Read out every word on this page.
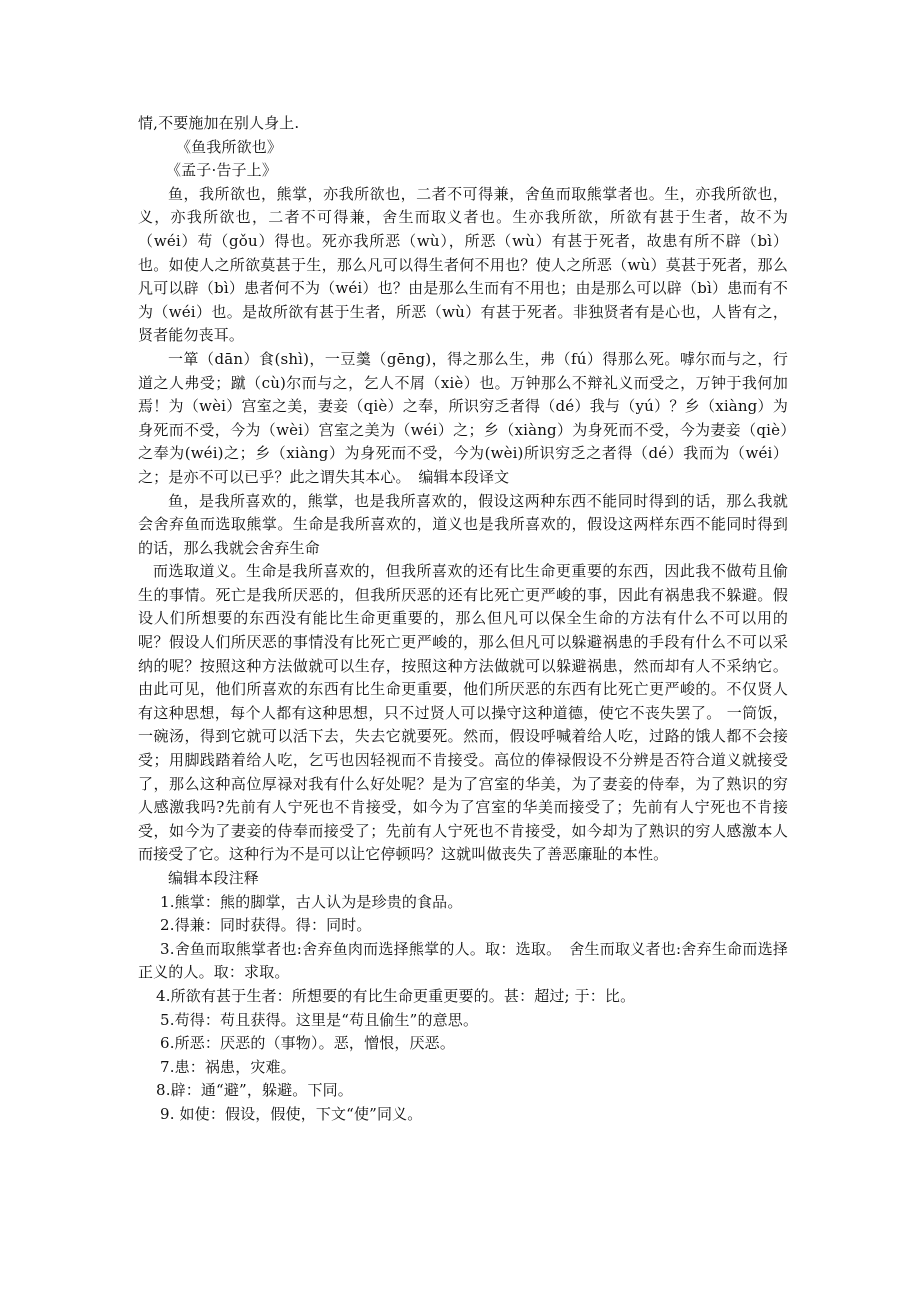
情,不要施加在别人身上.

《鱼我所欲也》

《孟子·告子上》

鱼，我所欲也，熊掌，亦我所欲也，二者不可得兼，舍鱼而取熊掌者也。生，亦我所欲也，义，亦我所欲也，二者不可得兼，舍生而取义者也。生亦我所欲，所欲有甚于生者，故不为（wéi）苟（gǒu）得也。死亦我所恶（wù），所恶（wù）有甚于死者，故患有所不辟（bì）也。如使人之所欲莫甚于生，那么凡可以得生者何不用也？使人之所恶（wù）莫甚于死者，那么凡可以辟（bì）患者何不为（wéi）也？由是那么生而有不用也；由是那么可以辟（bì）患而有不为（wéi）也。是故所欲有甚于生者，所恶（wù）有甚于死者。非独贤者有是心也，人皆有之，贤者能勿丧耳。

一箪（dān）食(shì)，一豆羹（gēng)，得之那么生，弗（fú）得那么死。嘑尔而与之，行道之人弗受；蹴（cù)尔而与之，乞人不屑（xiè）也。万钟那么不辩礼义而受之，万钟于我何加焉！为（wèi）宫室之美，妻妾（qiè）之奉，所识穷乏者得（dé）我与（yú）？乡（xiàng）为身死而不受，今为（wèi）宫室之美为（wéi）之；乡（xiàng）为身死而不受，今为妻妾（qiè）之奉为(wéi)之；乡（xiàng）为身死而不受，今为(wèi)所识穷乏之者得（dé）我而为（wéi）之；是亦不可以已乎？此之谓失其本心。　编辑本段译文

鱼，是我所喜欢的，熊掌，也是我所喜欢的，假设这两种东西不能同时得到的话，那么我就会舍弃鱼而选取熊掌。生命是我所喜欢的，道义也是我所喜欢的，假设这两样东西不能同时得到的话，那么我就会舍弃生命

而选取道义。生命是我所喜欢的，但我所喜欢的还有比生命更重要的东西，因此我不做苟且偷生的事情。死亡是我所厌恶的，但我所厌恶的还有比死亡更严峻的事，因此有祸患我不躲避。假设人们所想要的东西没有能比生命更重要的，那么但凡可以保全生命的方法有什么不可以用的呢？假设人们所厌恶的事情没有比死亡更严峻的，那么但凡可以躲避祸患的手段有什么不可以采纳的呢？按照这种方法做就可以生存，按照这种方法做就可以躲避祸患，然而却有人不采纳它。由此可见，他们所喜欢的东西有比生命更重要，他们所厌恶的东西有比死亡更严峻的。不仅贤人有这种思想，每个人都有这种思想，只不过贤人可以操守这种道德，使它不丧失罢了。 一筒饭，一碗汤，得到它就可以活下去，失去它就要死。然而，假设呼喊着给人吃，过路的饿人都不会接受；用脚践踏着给人吃，乞丐也因轻视而不肯接受。高位的俸禄假设不分辨是否符合道义就接受了，那么这种高位厚禄对我有什么好处呢？是为了宫室的华美，为了妻妾的侍奉，为了熟识的穷人感激我吗?先前有人宁死也不肯接受，如今为了宫室的华美而接受了；先前有人宁死也不肯接受，如今为了妻妾的侍奉而接受了；先前有人宁死也不肯接受，如今却为了熟识的穷人感激本人而接受了它。这种行为不是可以让它停顿吗？这就叫做丧失了善恶廉耻的本性。

编辑本段注释

1.熊掌：熊的脚掌，古人认为是珍贵的食品。

2.得兼：同时获得。得：同时。

3.舍鱼而取熊掌者也:舍弃鱼肉而选择熊掌的人。取：选取。　舍生而取义者也:舍弃生命而选择正义的人。取：求取。

4.所欲有甚于生者：所想要的有比生命更重更要的。甚：超过; 于：比。

5.苟得：苟且获得。这里是“苟且偷生”的意思。

6.所恶：厌恶的（事物）。恶，憎恨，厌恶。

7.患：祸患，灾难。

8.辟：通“避”，躲避。下同。

9. 如使：假设，假使，下文“使”同义。
